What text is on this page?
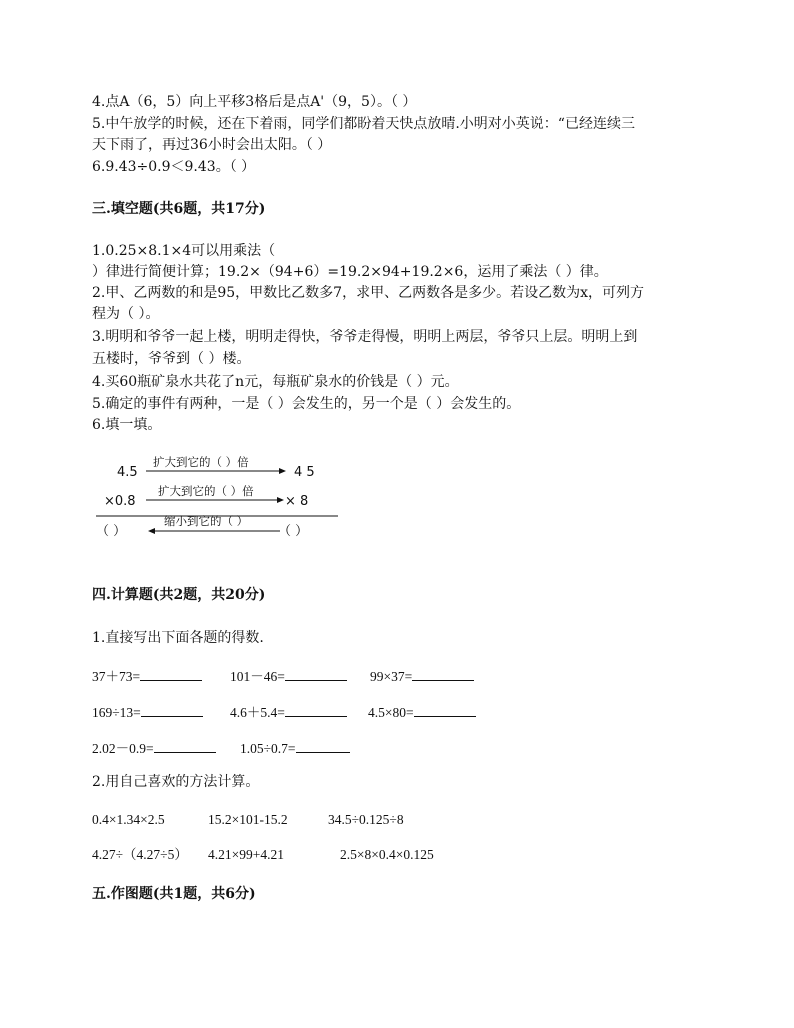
4.点A（6，5）向上平移3格后是点A'（9，5）。（ ）
5.中午放学的时候，还在下着雨，同学们都盼着天快点放晴.小明对小英说：“已经连续三
天下雨了，再过36小时会出太阳。（ ）
6.9.43÷0.9＜9.43。（ ）
三.填空题(共6题，共17分)
1.0.25×8.1×4可以用乘法（
）律进行简便计算；19.2×（94+6）=19.2×94+19.2×6，运用了乘法（ ）律。
2.甲、乙两数的和是95，甲数比乙数多7，求甲、乙两数各是多少。若设乙数为x，可列方
程为（ ）。
3.明明和爷爷一起上楼，明明走得快，爷爷走得慢，明明上两层，爷爷只上层。明明上到
五楼时，爷爷到（ ）楼。
4.买60瓶矿泉水共花了n元，每瓶矿泉水的价钱是（ ）元。
5.确定的事件有两种，一是（ ）会发生的，另一个是（ ）会发生的。
6.填一填。
4.5
×0.8
（ ）
4 5
× 8
（ ）
扩大到它的（ ）倍
扩大到它的（ ）倍
缩小到它的（ ）
四.计算题(共2题，共20分)
1.直接写出下面各题的得数.
37＋73=	101－46=	99×37=
169÷13=	4.6＋5.4=	4.5×80=
2.02－0.9=	1.05÷0.7=
2.用自己喜欢的方法计算。
0.4×1.34×2.5	15.2×101-15.2	34.5÷0.125÷8
4.27÷（4.27÷5） 4.21×99+4.21	2.5×8×0.4×0.125
五.作图题(共1题，共6分)
